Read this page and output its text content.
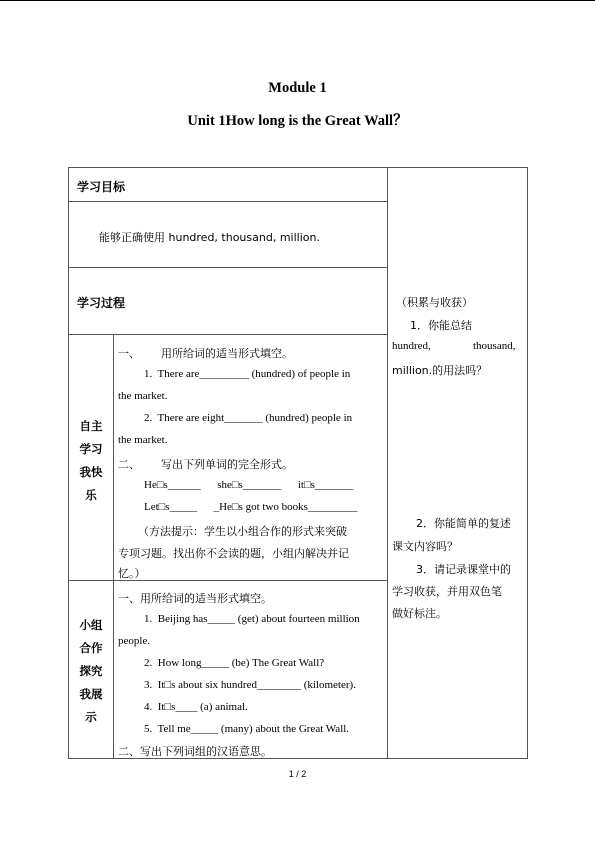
Module 1
Unit 1How long is the Great Wall？
学习目标
能够正确使用 hundred, thousand, million.
学习过程	（积累与收获）
1．你能总结
hundred,	thousand,
million.的用法吗？
2．你能简单的复述
课文内容吗？
3．请记录课堂中的
学习收获，并用双色笔
做好标注。
自主
学习
我快
乐
一、      用所给词的适当形式填空。
1.  There are_________ (hundred) of people in
the market.
2.  There are eight_______ (hundred) people in
the market.
二、      写出下列单词的完全形式。
He□s______      she□s_______      it□s_______
Let□s_____      _He□s got two books_________
（方法提示：学生以小组合作的形式来突破
专项习题。找出你不会读的题，小组内解决并记
忆。）
小组
合作
探究
我展
示
一、用所给词的适当形式填空。
1.  Beijing has_____ (get) about fourteen million
people.
2.  How long_____ (be) The Great Wall?
3.  It□s about six hundred________ (kilometer).
4.  It□s____ (a) animal.
5.  Tell me_____ (many) about the Great Wall.
二、写出下列词组的汉语意思。
1 / 2
